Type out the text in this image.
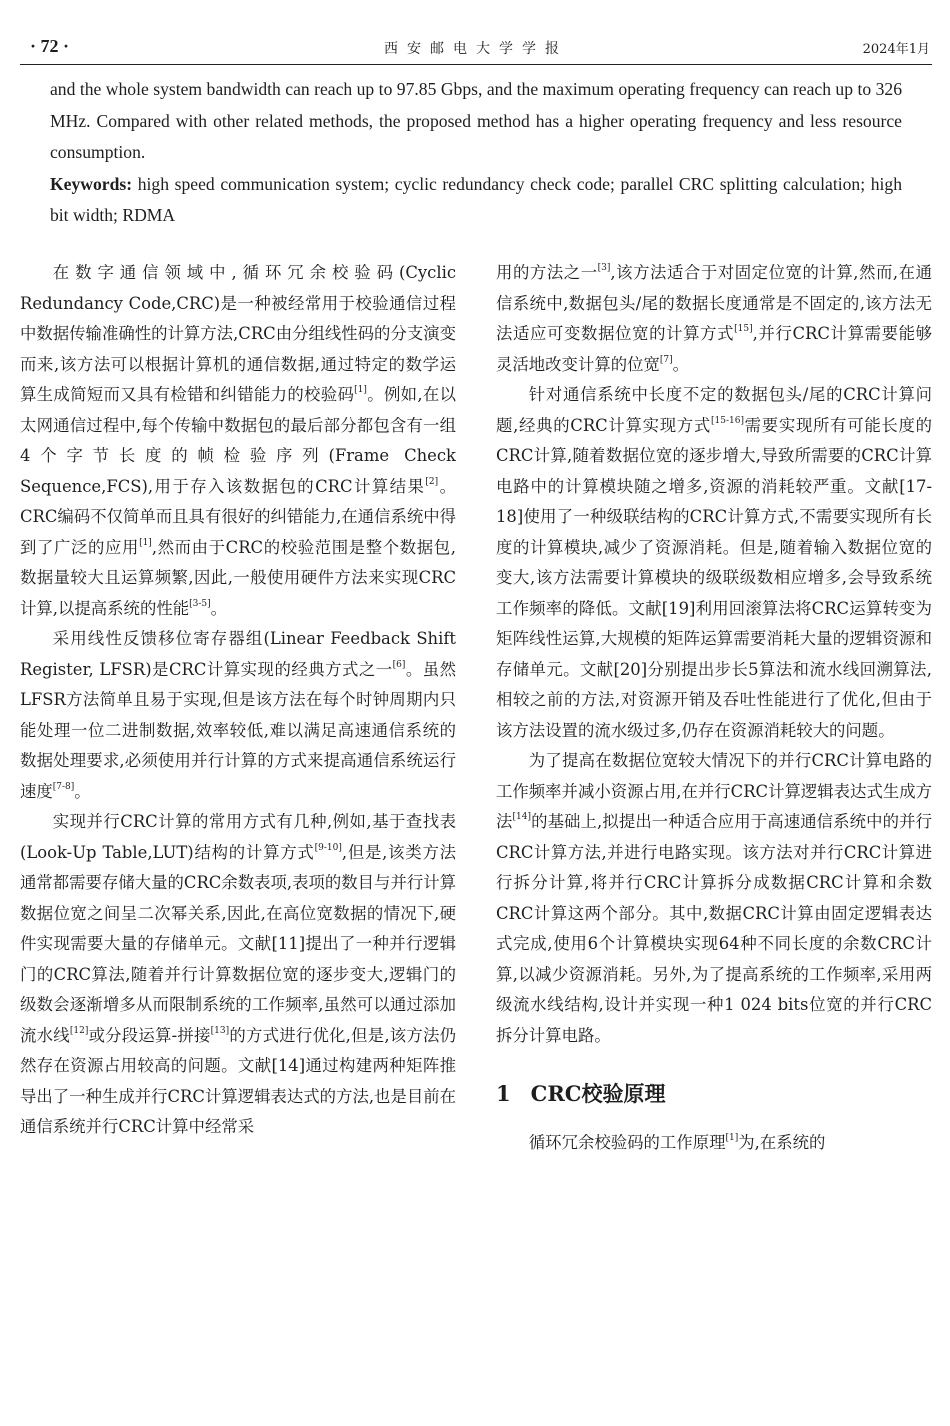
· 72 ·	西安邮电大学学报	2024年1月

and the whole system bandwidth can reach up to 97.85 Gbps, and the maximum operating frequency can reach up to 326 MHz. Compared with other related methods, the proposed method has a higher operating frequency and less resource consumption.

Keywords: high speed communication system; cyclic redundancy check code; parallel CRC splitting calculation; high bit width; RDMA

在数字通信领域中,循环冗余校验码(Cyclic Redundancy Code,CRC)是一种被经常用于校验通信过程中数据传输准确性的计算方法,CRC由分组线性码的分支演变而来,该方法可以根据计算机的通信数据,通过特定的数学运算生成简短而又具有检错和纠错能力的校验码[1]。例如,在以太网通信过程中,每个传输中数据包的最后部分都包含有一组4个字节长度的帧检验序列(Frame Check Sequence,FCS),用于存入该数据包的CRC计算结果[2]。CRC编码不仅简单而且具有很好的纠错能力,在通信系统中得到了广泛的应用[1],然而由于CRC的校验范围是整个数据包,数据量较大且运算频繁,因此,一般使用硬件方法来实现CRC计算,以提高系统的性能[3-5]。

采用线性反馈移位寄存器组(Linear Feedback Shift Register, LFSR)是CRC计算实现的经典方式之一[6]。虽然LFSR方法简单且易于实现,但是该方法在每个时钟周期内只能处理一位二进制数据,效率较低,难以满足高速通信系统的数据处理要求,必须使用并行计算的方式来提高通信系统运行速度[7-8]。

实现并行CRC计算的常用方式有几种,例如,基于查找表(Look-Up Table,LUT)结构的计算方式[9-10],但是,该类方法通常都需要存储大量的CRC余数表项,表项的数目与并行计算数据位宽之间呈二次幂关系,因此,在高位宽数据的情况下,硬件实现需要大量的存储单元。文献[11]提出了一种并行逻辑门的CRC算法,随着并行计算数据位宽的逐步变大,逻辑门的级数会逐渐增多从而限制系统的工作频率,虽然可以通过添加流水线[12]或分段运算-拼接[13]的方式进行优化,但是,该方法仍然存在资源占用较高的问题。文献[14]通过构建两种矩阵推导出了一种生成并行CRC计算逻辑表达式的方法,也是目前在通信系统并行CRC计算中经常采

用的方法之一[3],该方法适合于对固定位宽的计算,然而,在通信系统中,数据包头/尾的数据长度通常是不固定的,该方法无法适应可变数据位宽的计算方式[15],并行CRC计算需要能够灵活地改变计算的位宽[7]。

针对通信系统中长度不定的数据包头/尾的CRC计算问题,经典的CRC计算实现方式[15-16]需要实现所有可能长度的CRC计算,随着数据位宽的逐步增大,导致所需要的CRC计算电路中的计算模块随之增多,资源的消耗较严重。文献[17-18]使用了一种级联结构的CRC计算方式,不需要实现所有长度的计算模块,减少了资源消耗。但是,随着输入数据位宽的变大,该方法需要计算模块的级联级数相应增多,会导致系统工作频率的降低。文献[19]利用回滚算法将CRC运算转变为矩阵线性运算,大规模的矩阵运算需要消耗大量的逻辑资源和存储单元。文献[20]分别提出步长5算法和流水线回溯算法,相较之前的方法,对资源开销及吞吐性能进行了优化,但由于该方法设置的流水级过多,仍存在资源消耗较大的问题。

为了提高在数据位宽较大情况下的并行CRC计算电路的工作频率并减小资源占用,在并行CRC计算逻辑表达式生成方法[14]的基础上,拟提出一种适合应用于高速通信系统中的并行CRC计算方法,并进行电路实现。该方法对并行CRC计算进行拆分计算,将并行CRC计算拆分成数据CRC计算和余数CRC计算这两个部分。其中,数据CRC计算由固定逻辑表达式完成,使用6个计算模块实现64种不同长度的余数CRC计算,以减少资源消耗。另外,为了提高系统的工作频率,采用两级流水线结构,设计并实现一种1 024 bits位宽的并行CRC拆分计算电路。

1 CRC校验原理

循环冗余校验码的工作原理[1]为,在系统的
